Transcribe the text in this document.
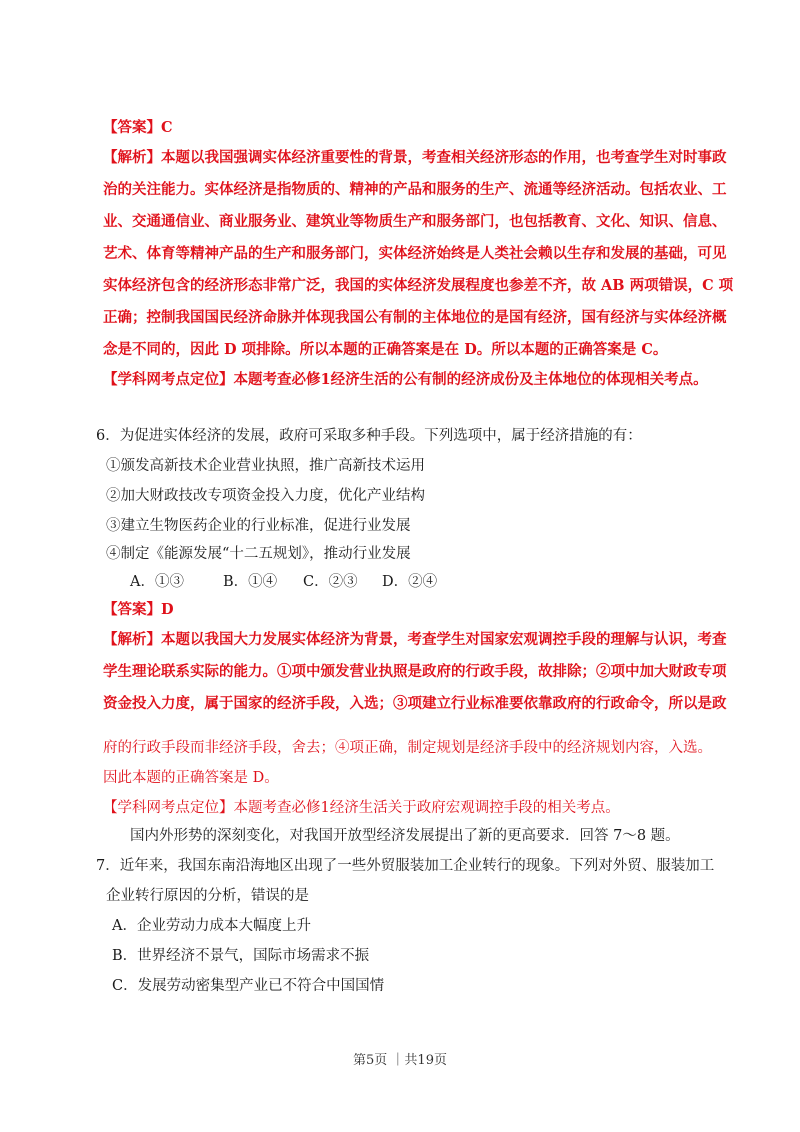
【答案】C
【解析】本题以我国强调实体经济重要性的背景，考查相关经济形态的作用，也考查学生对时事政
治的关注能力。实体经济是指物质的、精神的产品和服务的生产、流通等经济活动。包括农业、工
业、交通通信业、商业服务业、建筑业等物质生产和服务部门，也包括教育、文化、知识、信息、
艺术、体育等精神产品的生产和服务部门，实体经济始终是人类社会赖以生存和发展的基础，可见
实体经济包含的经济形态非常广泛，我国的实体经济发展程度也参差不齐，故 AB 两项错误，C 项
正确；控制我国国民经济命脉并体现我国公有制的主体地位的是国有经济，国有经济与实体经济概
念是不同的，因此 D 项排除。所以本题的正确答案是在 D。所以本题的正确答案是 C。
【学科网考点定位】本题考查必修1经济生活的公有制的经济成份及主体地位的体现相关考点。
6．为促进实体经济的发展，政府可采取多种手段。下列选项中，属于经济措施的有：
①颁发高新技术企业营业执照，推广高新技术运用
②加大财政技改专项资金投入力度，优化产业结构
③建立生物医药企业的行业标准，促进行业发展
④制定《能源发展“十二五规划》，推动行业发展
A．①③	B．①④ C．②③ D．②④
【答案】D
【解析】本题以我国大力发展实体经济为背景，考查学生对国家宏观调控手段的理解与认识，考查
学生理论联系实际的能力。①项中颁发营业执照是政府的行政手段，故排除；②项中加大财政专项
资金投入力度，属于国家的经济手段，入选；③项建立行业标准要依靠政府的行政命令，所以是政
府的行政手段而非经济手段，舍去；④项正确，制定规划是经济手段中的经济规划内容，入选。
因此本题的正确答案是 D。
【学科网考点定位】本题考查必修1经济生活关于政府宏观调控手段的相关考点。
国内外形势的深刻变化，对我国开放型经济发展提出了新的更高要求．回答 7～8 题。
7．近年来，我国东南沿海地区出现了一些外贸服装加工企业转行的现象。下列对外贸、服装加工
企业转行原因的分析，错误的是
A．企业劳动力成本大幅度上升
B．世界经济不景气，国际市场需求不振
C．发展劳动密集型产业已不符合中国国情
第5页 ｜共19页
